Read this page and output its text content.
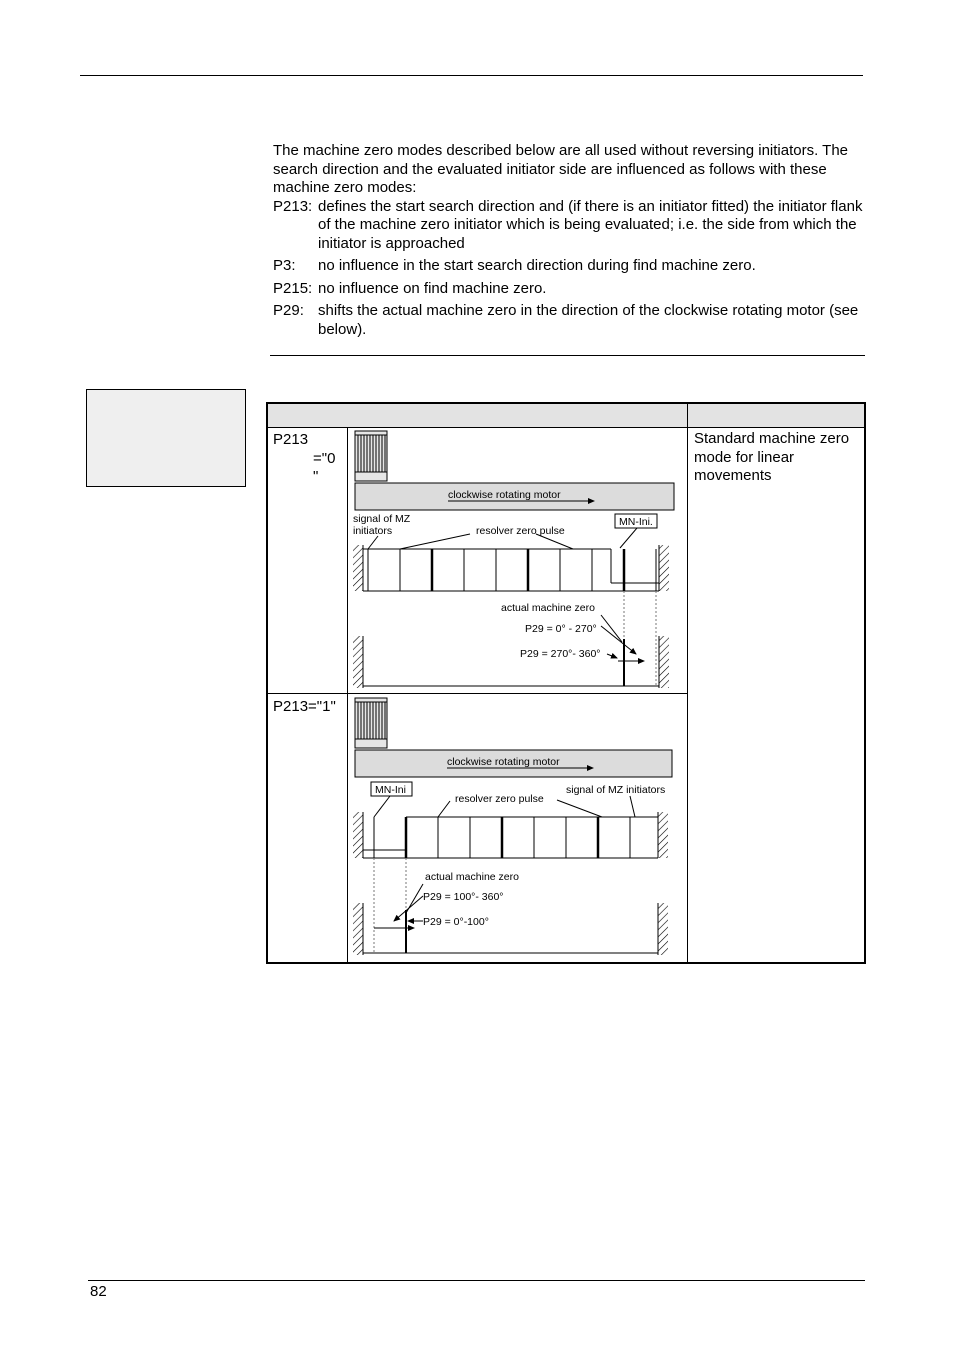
The machine zero modes described below are all used without reversing initiators. The search direction and the evaluated initiator side are influenced as follows with these machine zero modes:

P213: defines the start search direction and (if there is an initiator fitted) the initiator flank of the machine zero initiator which is being evaluated; i.e. the side from which the initiator is approached
P3:	no influence in the start search direction during find machine zero.
P215: no influence on find machine zero.
P29: shifts the actual machine zero in the direction of the clockwise rotating motor (see below).
P213
="0
"
P213="1"
Standard machine zero mode for linear movements
clockwise rotating motor
signal of MZ
initiators	resolver zero pulse
MN-Ini.
actual machine zero
P29 = 0° - 270°
P29 = 270°- 360°
clockwise rotating motor
MN-Ini
resolver zero pulse
signal of MZ initiators
actual machine zero
P29 = 100°- 360°
P29 = 0°-100°
82
